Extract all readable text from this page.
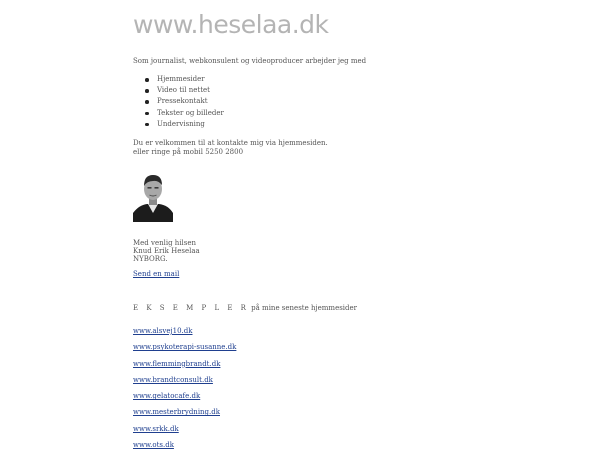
www.heselaa.dk
Som journalist, webkonsulent og videoproducer arbejder jeg med
Hjemmesider
Video til nettet
Pressekontakt
Tekster og billeder
Undervisning
Du er velkommen til at kontakte mig via hjemmesiden.
eller ringe på mobil 5250 2800
Med venlig hilsen
Knud Erik Heselaa
NYBORG.
Send en mail
E K S E M P L E R på mine seneste hjemmesider
www.alsvej10.dk
www.psykoterapi-susanne.dk
www.flemmingbrandt.dk
www.brandtconsult.dk
www.gelatocafe.dk
www.mesterbrydning.dk
www.srkk.dk
www.ots.dk
